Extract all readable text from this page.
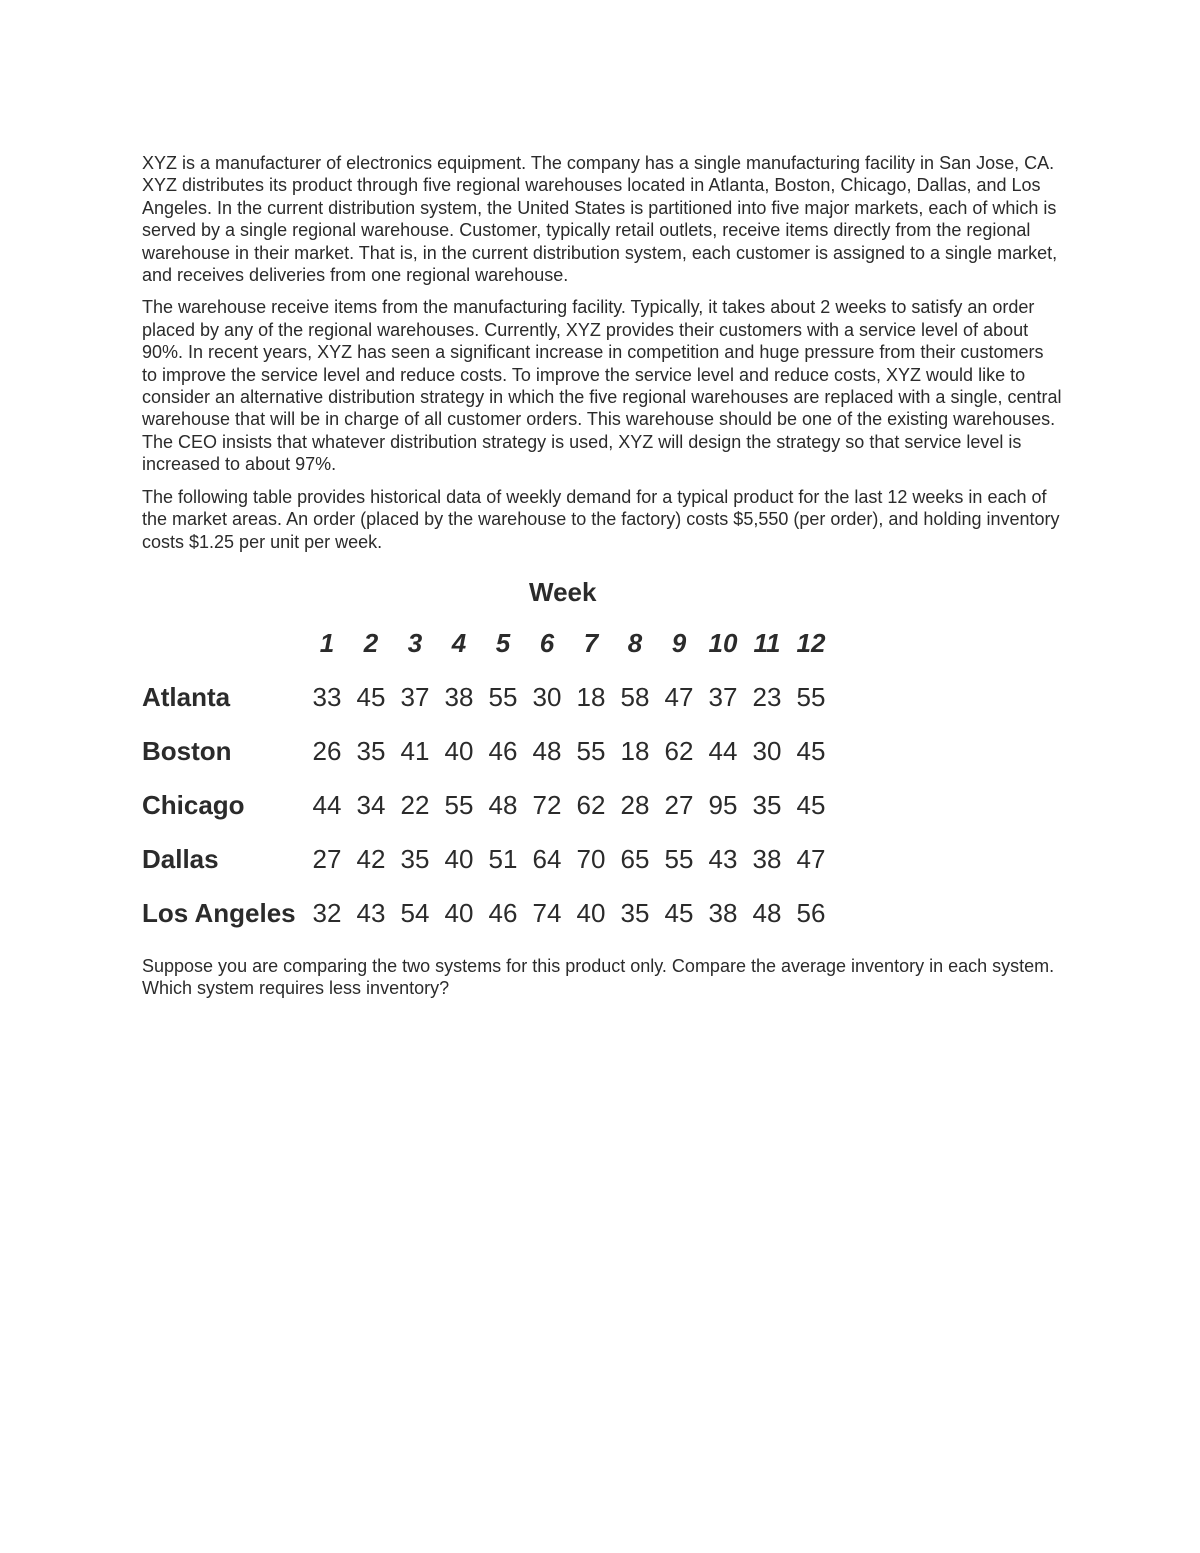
XYZ is a manufacturer of electronics equipment. The company has a single manufacturing facility in San Jose, CA. XYZ distributes its product through five regional warehouses located in Atlanta, Boston, Chicago, Dallas, and Los Angeles. In the current distribution system, the United States is partitioned into five major markets, each of which is served by a single regional warehouse. Customer, typically retail outlets, receive items directly from the regional warehouse in their market. That is, in the current distribution system, each customer is assigned to a single market, and receives deliveries from one regional warehouse.

The warehouse receive items from the manufacturing facility. Typically, it takes about 2 weeks to satisfy an order placed by any of the regional warehouses. Currently, XYZ provides their customers with a service level of about 90%. In recent years, XYZ has seen a significant increase in competition and huge pressure from their customers to improve the service level and reduce costs. To improve the service level and reduce costs, XYZ would like to consider an alternative distribution strategy in which the five regional warehouses are replaced with a single, central warehouse that will be in charge of all customer orders. This warehouse should be one of the existing warehouses. The CEO insists that whatever distribution strategy is used, XYZ will design the strategy so that service level is increased to about 97%.

The following table provides historical data of weekly demand for a typical product for the last 12 weeks in each of the market areas. An order (placed by the warehouse to the factory) costs $5,550 (per order), and holding inventory costs $1.25 per unit per week.

Week
	1	2	3	4	5	6	7	8	9	10	11	12
Atlanta	33	45	37	38	55	30	18	58	47	37	23	55
Boston	26	35	41	40	46	48	55	18	62	44	30	45
Chicago	44	34	22	55	48	72	62	28	27	95	35	45
Dallas	27	42	35	40	51	64	70	65	55	43	38	47
Los Angeles	32	43	54	40	46	74	40	35	45	38	48	56

Suppose you are comparing the two systems for this product only. Compare the average inventory in each system. Which system requires less inventory?
